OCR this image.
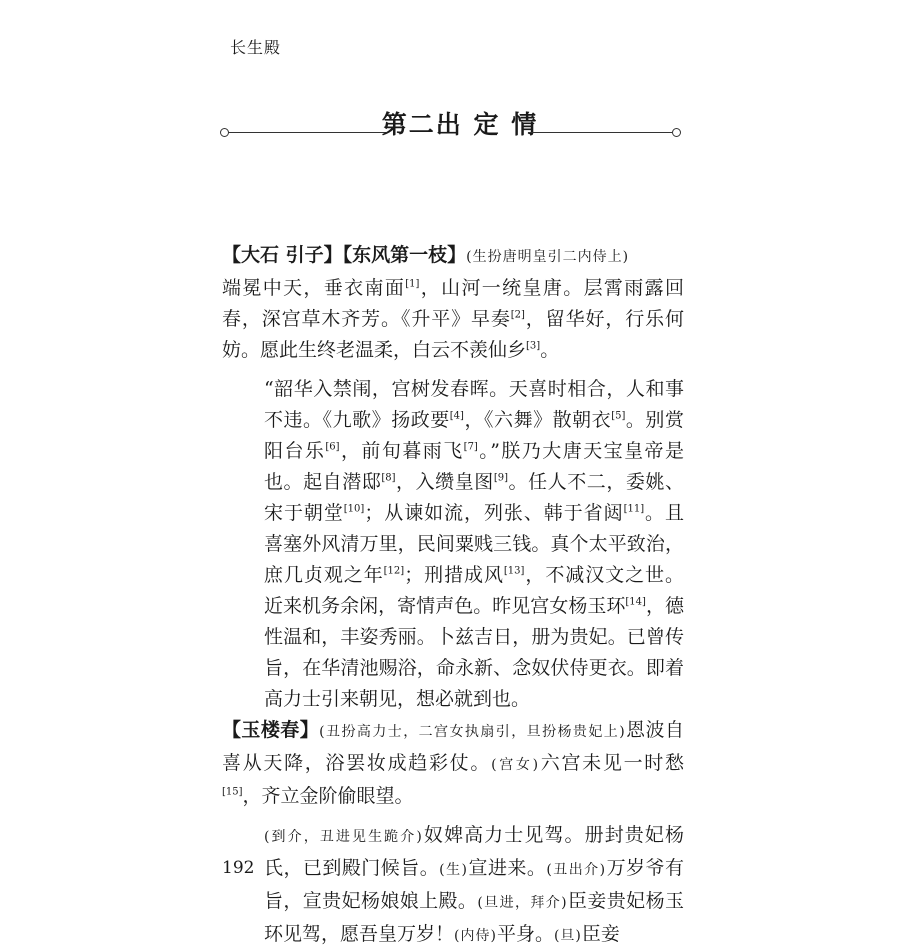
长生殿
第二出 定 情

【大石 引子】【东风第一枝】(生扮唐明皇引二内侍上)
端冕中天，垂衣南面[1]，山河一统皇唐。层霄雨露回春，深宫草木齐芳。《升平》早奏[2]，留华好，行乐何妨。愿此生终老温柔，白云不羡仙乡[3]。

“韶华入禁闱，宫树发春晖。天喜时相合，人和事不违。《九歌》扬政要[4]，《六舞》散朝衣[5]。别赏阳台乐[6]，前旬暮雨飞[7]。”朕乃大唐天宝皇帝是也。起自潜邸[8]，入缵皇图[9]。任人不二，委姚、宋于朝堂[10]；从谏如流，列张、韩于省闼[11]。且喜塞外风清万里，民间粟贱三钱。真个太平致治，庶几贞观之年[12]；刑措成风[13]，不减汉文之世。近来机务余闲，寄情声色。昨见宫女杨玉环[14]，德性温和，丰姿秀丽。卜兹吉日，册为贵妃。已曾传旨，在华清池赐浴，命永新、念奴伏侍更衣。即着高力士引来朝见，想必就到也。

【玉楼春】(丑扮高力士，二宫女执扇引，旦扮杨贵妃上)恩波自喜从天降，浴罢妆成趋彩仗。(宫女)六宫未见一时愁[15]，齐立金阶偷眼望。

(到介，丑进见生跪介)奴婢高力士见驾。册封贵妃杨氏，已到殿门候旨。(生)宣进来。(丑出介)万岁爷有旨，宣贵妃杨娘娘上殿。(旦进，拜介)臣妾贵妃杨玉环见驾，愿吾皇万岁！(内侍)平身。(旦)臣妾

192
